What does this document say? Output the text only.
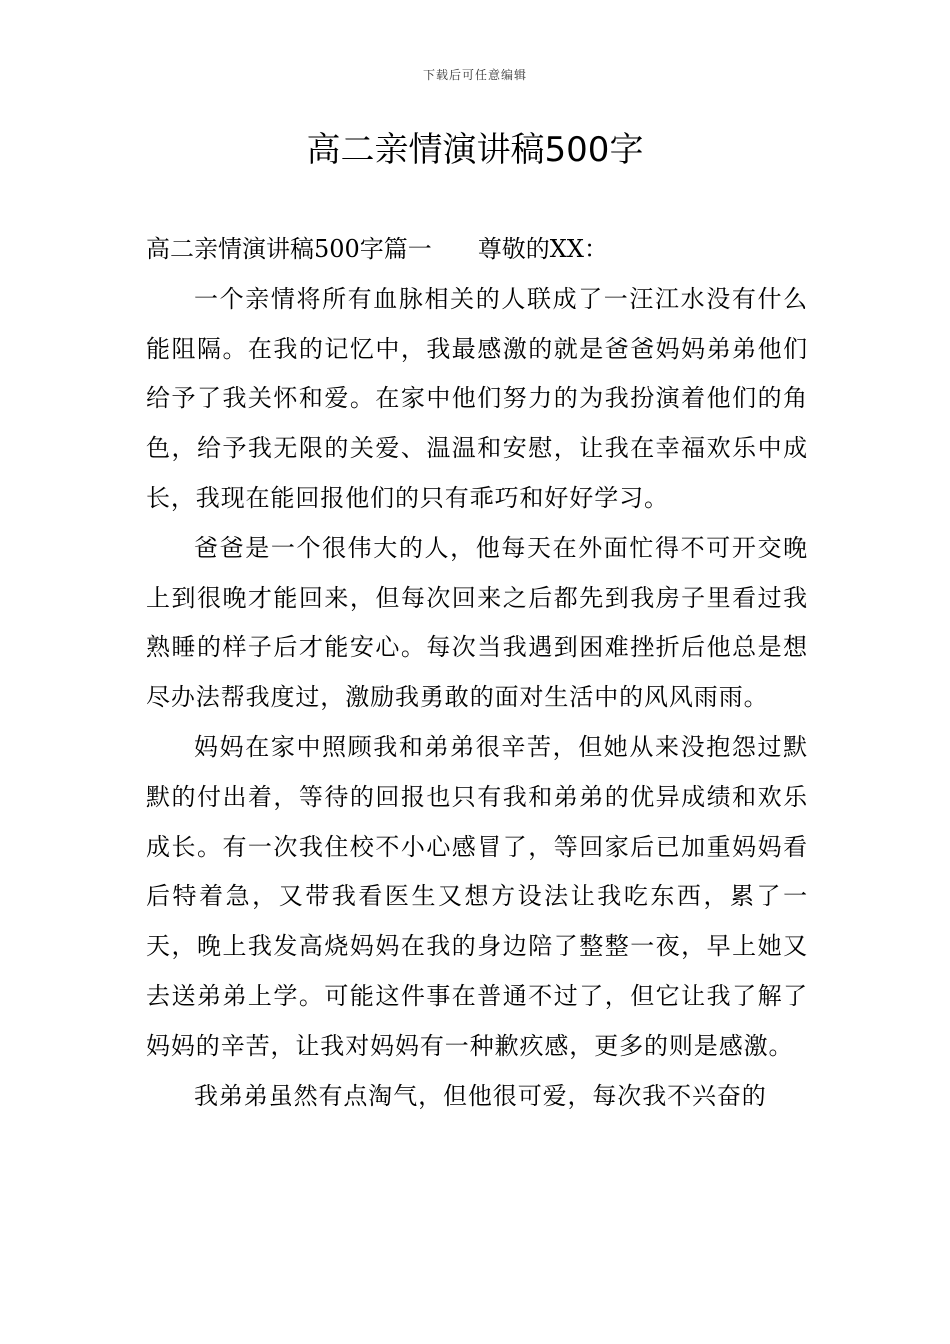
下载后可任意编辑
高二亲情演讲稿500字
高二亲情演讲稿500字篇一 尊敬的XX：

一个亲情将所有血脉相关的人联成了一汪江水没有什么能阻隔。在我的记忆中，我最感激的就是爸爸妈妈弟弟他们给予了我关怀和爱。在家中他们努力的为我扮演着他们的角色，给予我无限的关爱、温温和安慰，让我在幸福欢乐中成长，我现在能回报他们的只有乖巧和好好学习。

爸爸是一个很伟大的人，他每天在外面忙得不可开交晚上到很晚才能回来，但每次回来之后都先到我房子里看过我熟睡的样子后才能安心。每次当我遇到困难挫折后他总是想尽办法帮我度过，激励我勇敢的面对生活中的风风雨雨。

妈妈在家中照顾我和弟弟很辛苦，但她从来没抱怨过默默的付出着，等待的回报也只有我和弟弟的优异成绩和欢乐成长。有一次我住校不小心感冒了，等回家后已加重妈妈看后特着急，又带我看医生又想方设法让我吃东西，累了一天，晚上我发高烧妈妈在我的身边陪了整整一夜，早上她又去送弟弟上学。可能这件事在普通不过了，但它让我了解了妈妈的辛苦，让我对妈妈有一种歉疚感，更多的则是感激。

我弟弟虽然有点淘气，但他很可爱，每次我不兴奋的
